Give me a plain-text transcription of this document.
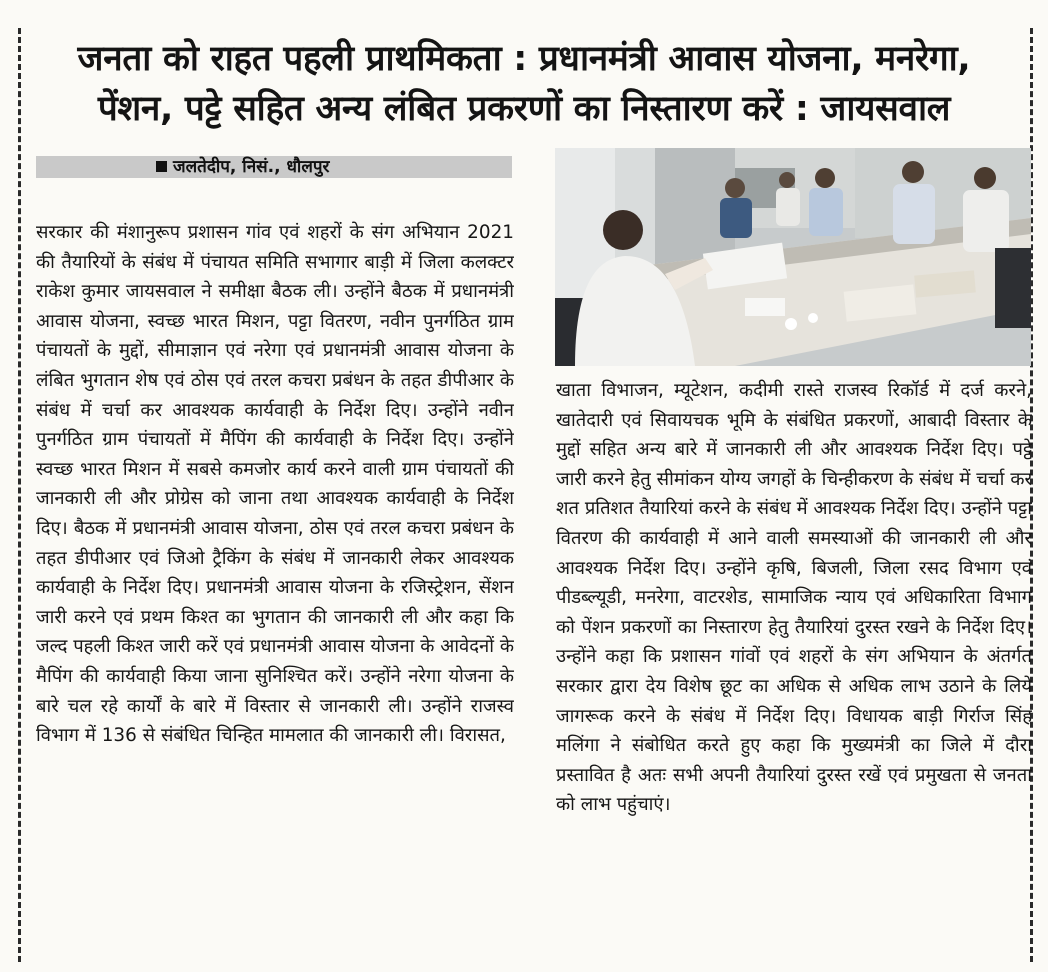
जनता को राहत पहली प्राथमिकता : प्रधानमंत्री आवास योजना, मनरेगा,
पेंशन, पट्टे सहित अन्य लंबित प्रकरणों का निस्तारण करें : जायसवाल
जलतेदीप, निसं., धौलपुर

सरकार की मंशानुरूप प्रशासन गांव एवं शहरों के संग अभियान 2021 की तैयारियों के संबंध में पंचायत समिति सभागार बाड़ी में जिला कलक्टर राकेश कुमार जायसवाल ने समीक्षा बैठक ली। उन्होंने बैठक में प्रधानमंत्री आवास योजना, स्वच्छ भारत मिशन, पट्टा वितरण, नवीन पुनर्गठित ग्राम पंचायतों के मुद्दों, सीमाज्ञान एवं नरेगा एवं प्रधानमंत्री आवास योजना के लंबित भुगतान शेष एवं ठोस एवं तरल कचरा प्रबंधन के तहत डीपीआर के संबंध में चर्चा कर आवश्यक कार्यवाही के निर्देश दिए। उन्होंने नवीन पुनर्गठित ग्राम पंचायतों में मैपिंग की कार्यवाही के निर्देश दिए। उन्होंने स्वच्छ भारत मिशन में सबसे कमजोर कार्य करने वाली ग्राम पंचायतों की जानकारी ली और प्रोग्रेस को जाना तथा आवश्यक कार्यवाही के निर्देश दिए। बैठक में प्रधानमंत्री आवास योजना, ठोस एवं तरल कचरा प्रबंधन के तहत डीपीआर एवं जिओ ट्रैकिंग के संबंध में जानकारी लेकर आवश्यक कार्यवाही के निर्देश दिए। प्रधानमंत्री आवास योजना के रजिस्ट्रेशन, सेंशन जारी करने एवं प्रथम किश्त का भुगतान की जानकारी ली और कहा कि जल्द पहली किश्त जारी करें एवं प्रधानमंत्री आवास योजना के आवेदनों के मैपिंग की कार्यवाही किया जाना सुनिश्चित करें। उन्होंने नरेगा योजना के बारे चल रहे कार्यों के बारे में विस्तार से जानकारी ली। उन्होंने राजस्व विभाग में 136 से संबंधित चिन्हित मामलात की जानकारी ली। विरासत,

खाता विभाजन, म्यूटेशन, कदीमी रास्ते राजस्व रिकॉर्ड में दर्ज करने, खातेदारी एवं सिवायचक भूमि के संबंधित प्रकरणों, आबादी विस्तार के मुद्दों सहित अन्य बारे में जानकारी ली और आवश्यक निर्देश दिए। पट्टे जारी करने हेतु सीमांकन योग्य जगहों के चिन्हीकरण के संबंध में चर्चा कर शत प्रतिशत तैयारियां करने के संबंध में आवश्यक निर्देश दिए। उन्होंने पट्टा वितरण की कार्यवाही में आने वाली समस्याओं की जानकारी ली और आवश्यक निर्देश दिए। उन्होंने कृषि, बिजली, जिला रसद विभाग एवं पीडब्ल्यूडी, मनरेगा, वाटरशेड, सामाजिक न्याय एवं अधिकारिता विभाग को पेंशन प्रकरणों का निस्तारण हेतु तैयारियां दुरस्त रखने के निर्देश दिए। उन्होंने कहा कि प्रशासन गांवों एवं शहरों के संग अभियान के अंतर्गत सरकार द्वारा देय विशेष छूट का अधिक से अधिक लाभ उठाने के लिये जागरूक करने के संबंध में निर्देश दिए। विधायक बाड़ी गिर्राज सिंह मलिंगा ने संबोधित करते हुए कहा कि मुख्यमंत्री का जिले में दौरा प्रस्तावित है अतः सभी अपनी तैयारियां दुरस्त रखें एवं प्रमुखता से जनता को लाभ पहुंचाएं।
